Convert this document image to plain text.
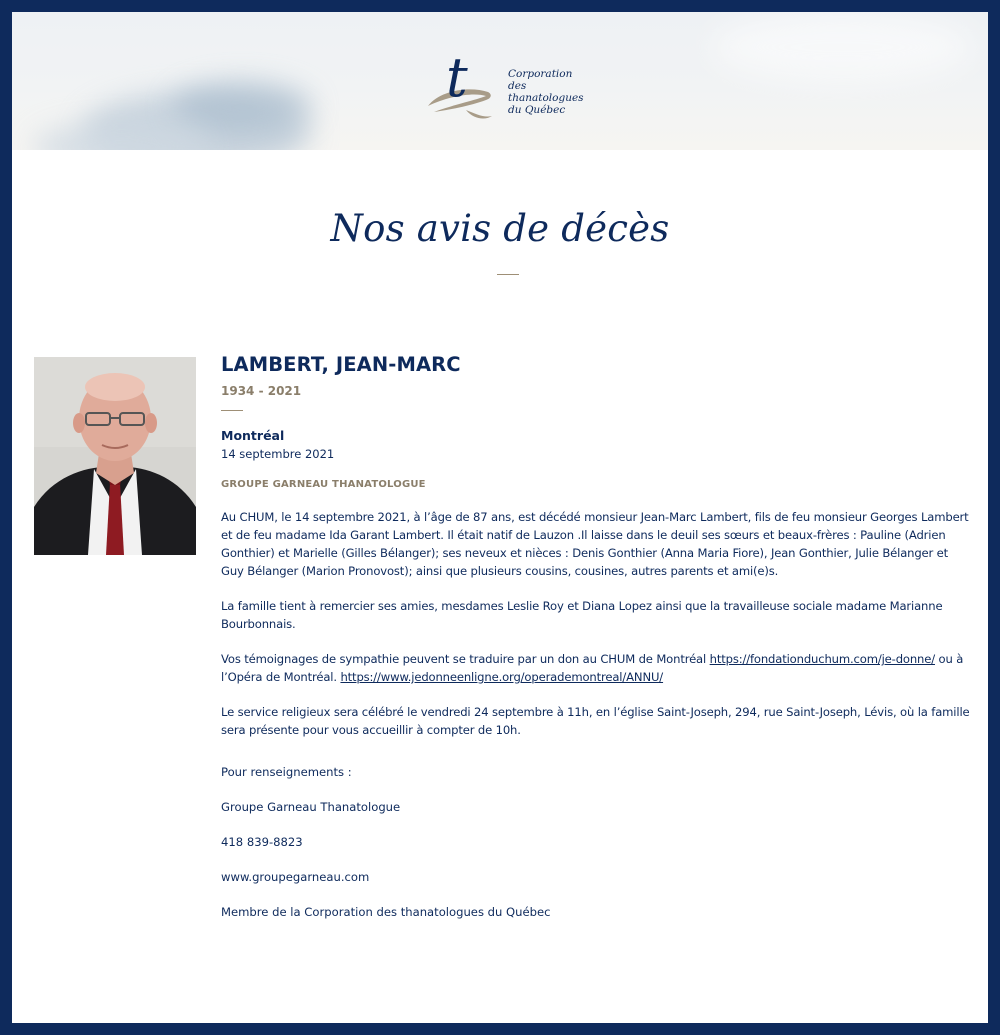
t	Corporation
des thanatologues
du Québec
Nos avis de décès
LAMBERT, JEAN-MARC
1934 - 2021
Montréal
14 septembre 2021
GROUPE GARNEAU THANATOLOGUE

Au CHUM, le 14 septembre 2021, à l’âge de 87 ans, est décédé monsieur Jean-Marc Lambert, fils de feu monsieur Georges Lambert et de feu madame Ida Garant Lambert. Il était natif de Lauzon .Il laisse dans le deuil ses sœurs et beaux-frères : Pauline (Adrien Gonthier) et Marielle (Gilles Bélanger); ses neveux et nièces : Denis Gonthier (Anna Maria Fiore), Jean Gonthier, Julie Bélanger et Guy Bélanger (Marion Pronovost); ainsi que plusieurs cousins, cousines, autres parents et ami(e)s.

La famille tient à remercier ses amies, mesdames Leslie Roy et Diana Lopez ainsi que la travailleuse sociale madame Marianne Bourbonnais.

Vos témoignages de sympathie peuvent se traduire par un don au CHUM de Montréal https://fondationduchum.com/je-donne/ ou à l’Opéra de Montréal. https://www.jedonneenligne.org/operademontreal/ANNU/

Le service religieux sera célébré le vendredi 24 septembre à 11h, en l’église Saint-Joseph, 294, rue Saint-Joseph, Lévis, où la famille sera présente pour vous accueillir à compter de 10h.

Pour renseignements :

Groupe Garneau Thanatologue

418 839-8823

www.groupegarneau.com

Membre de la Corporation des thanatologues du Québec
